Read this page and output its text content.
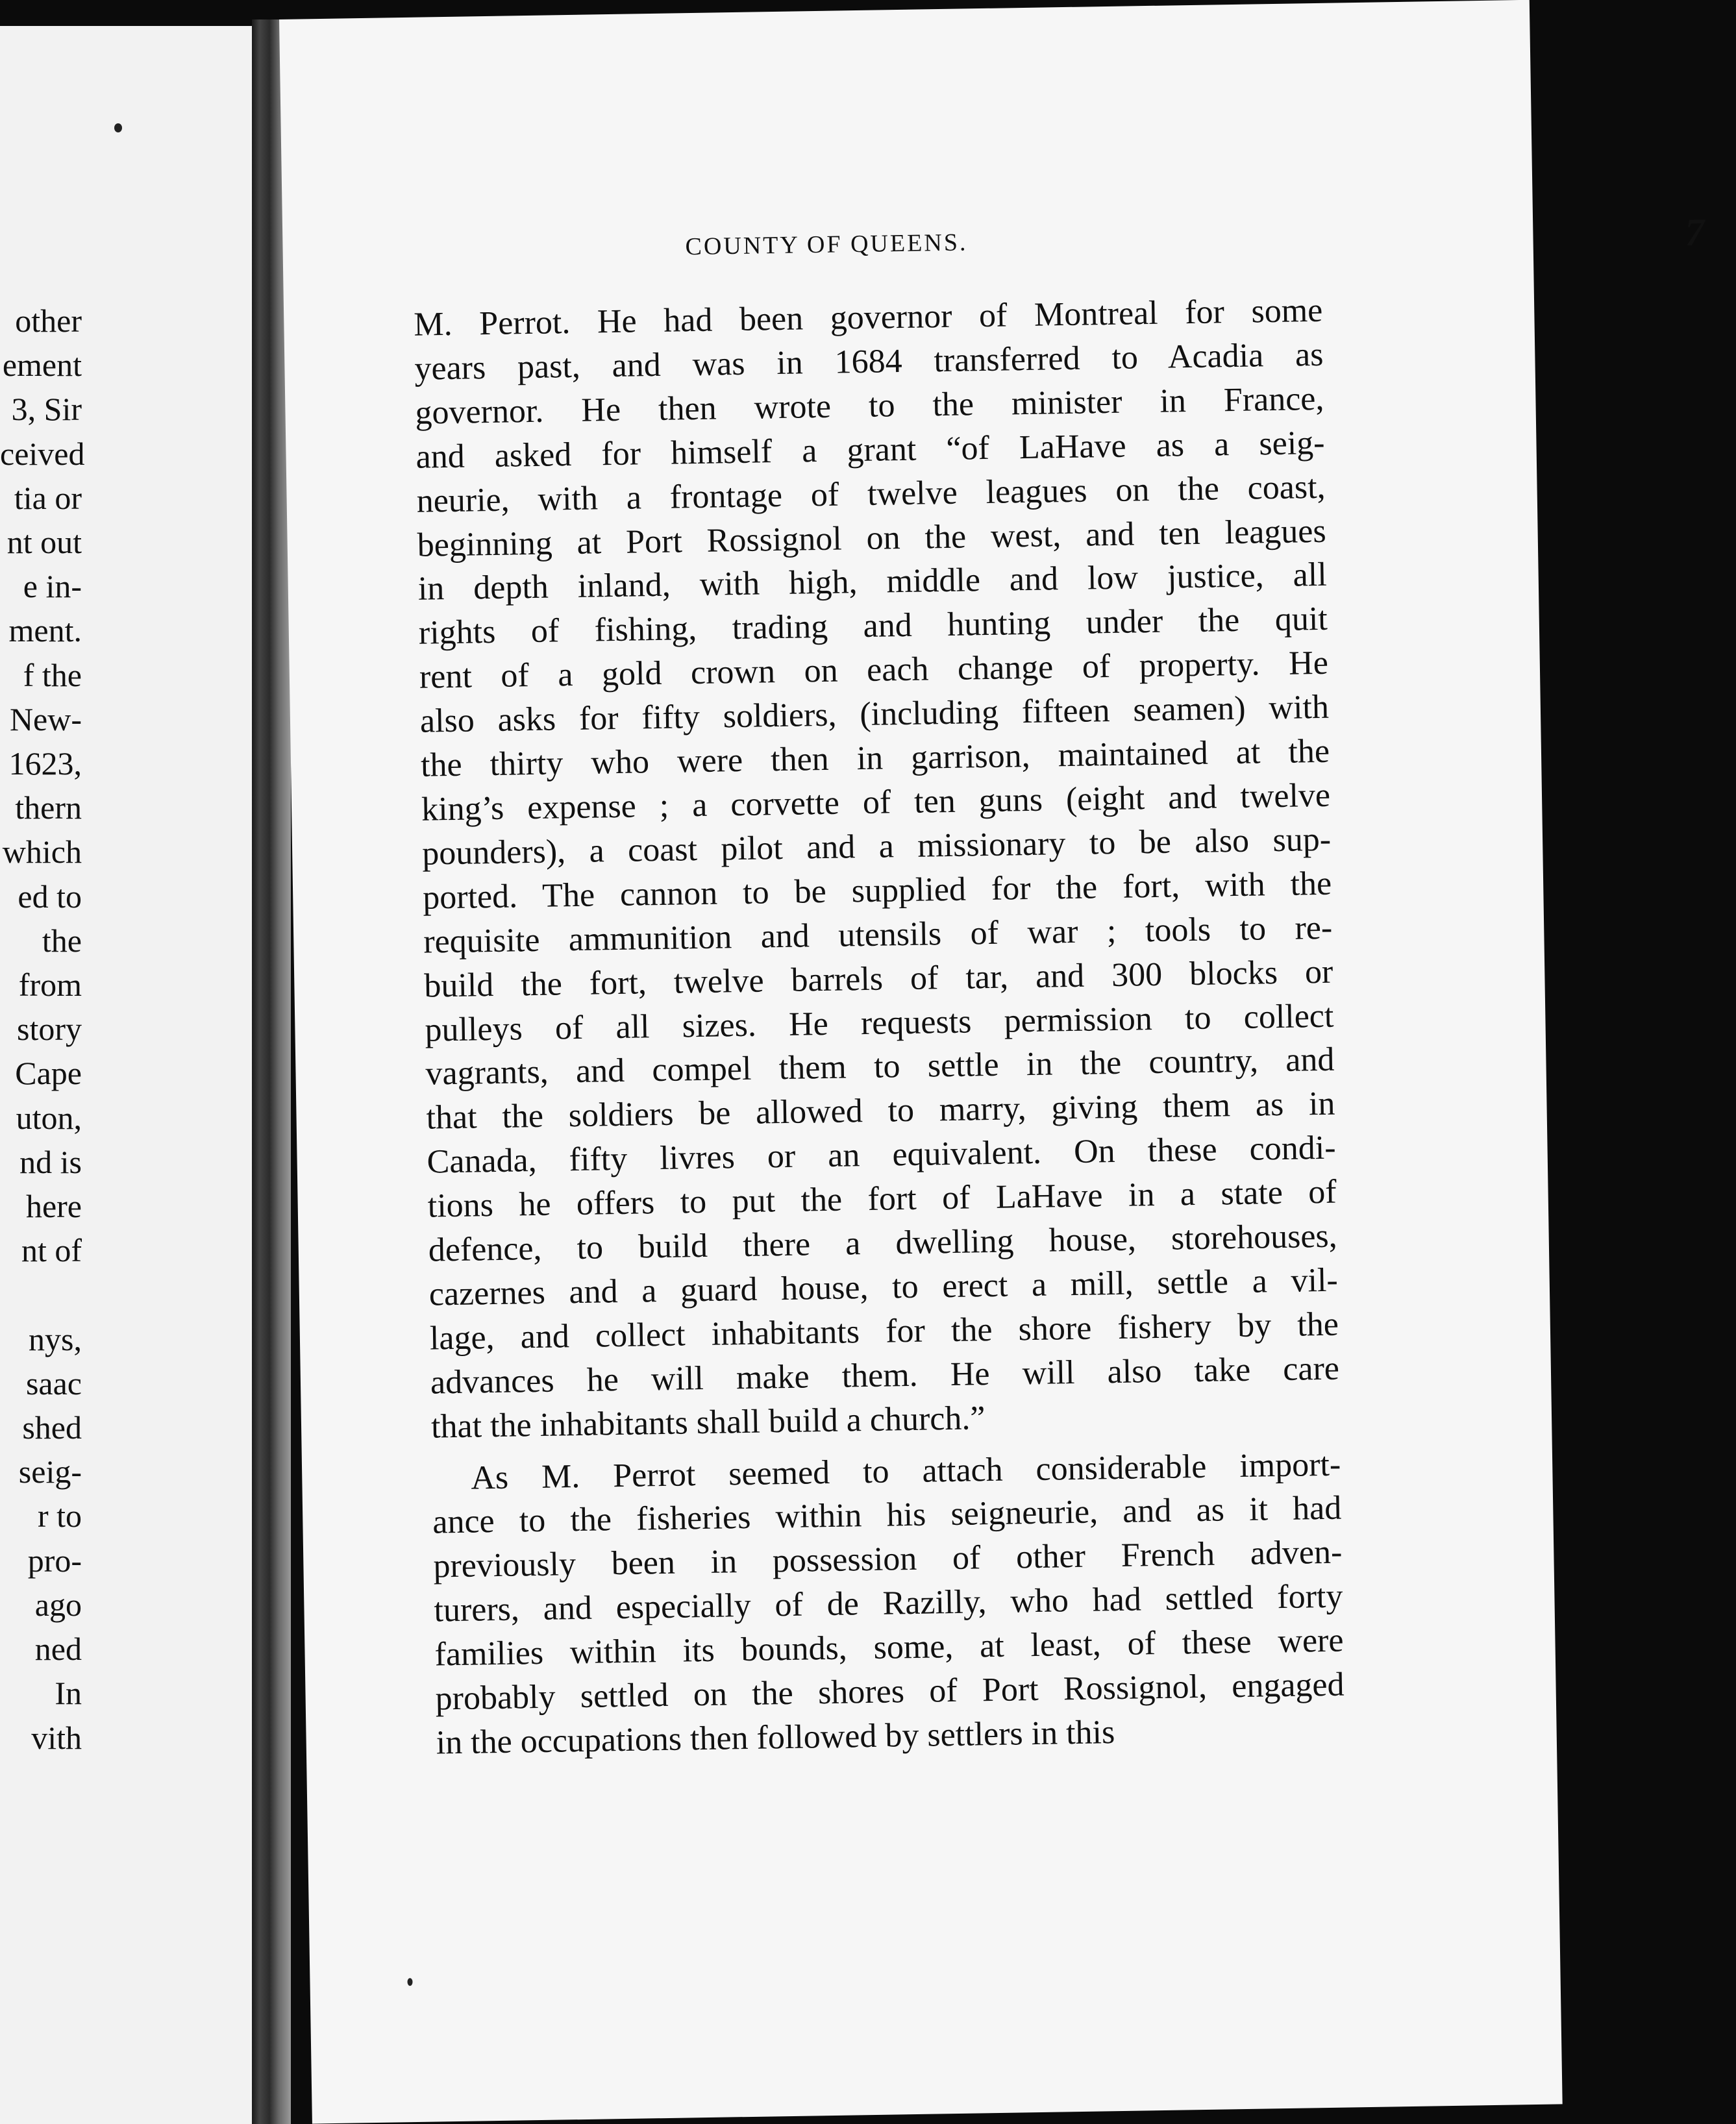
other
ement
3, Sir
ceived
tia or
nt out
e in-
ment.
f the
New-
1623,
thern
which
ed to
the
from
story
Cape
uton,
nd is
here
nt of

nys,
saac
shed
seig-
r to
pro-
ago
ned
In
vith
COUNTY OF QUEENS.	7
M. Perrot. He had been governor of Montreal for some
years past, and was in 1684 transferred to Acadia as
governor. He then wrote to the minister in France,
and asked for himself a grant “of LaHave as a seig-
neurie, with a frontage of twelve leagues on the coast,
beginning at Port Rossignol on the west, and ten leagues
in depth inland, with high, middle and low justice, all
rights of fishing, trading and hunting under the quit
rent of a gold crown on each change of property. He
also asks for fifty soldiers, (including fifteen seamen) with
the thirty who were then in garrison, maintained at the
king’s expense ; a corvette of ten guns (eight and twelve
pounders), a coast pilot and a missionary to be also sup-
ported. The cannon to be supplied for the fort, with the
requisite ammunition and utensils of war ; tools to re-
build the fort, twelve barrels of tar, and 300 blocks or
pulleys of all sizes. He requests permission to collect
vagrants, and compel them to settle in the country, and
that the soldiers be allowed to marry, giving them as in
Canada, fifty livres or an equivalent. On these condi-
tions he offers to put the fort of LaHave in a state of
defence, to build there a dwelling house, storehouses,
cazernes and a guard house, to erect a mill, settle a vil-
lage, and collect inhabitants for the shore fishery by the
advances he will make them. He will also take care
that the inhabitants shall build a church.”
As M. Perrot seemed to attach considerable import-
ance to the fisheries within his seigneurie, and as it had
previously been in possession of other French adven-
turers, and especially of de Razilly, who had settled forty
families within its bounds, some, at least, of these were
probably settled on the shores of Port Rossignol, engaged
in the occupations then followed by settlers in this
